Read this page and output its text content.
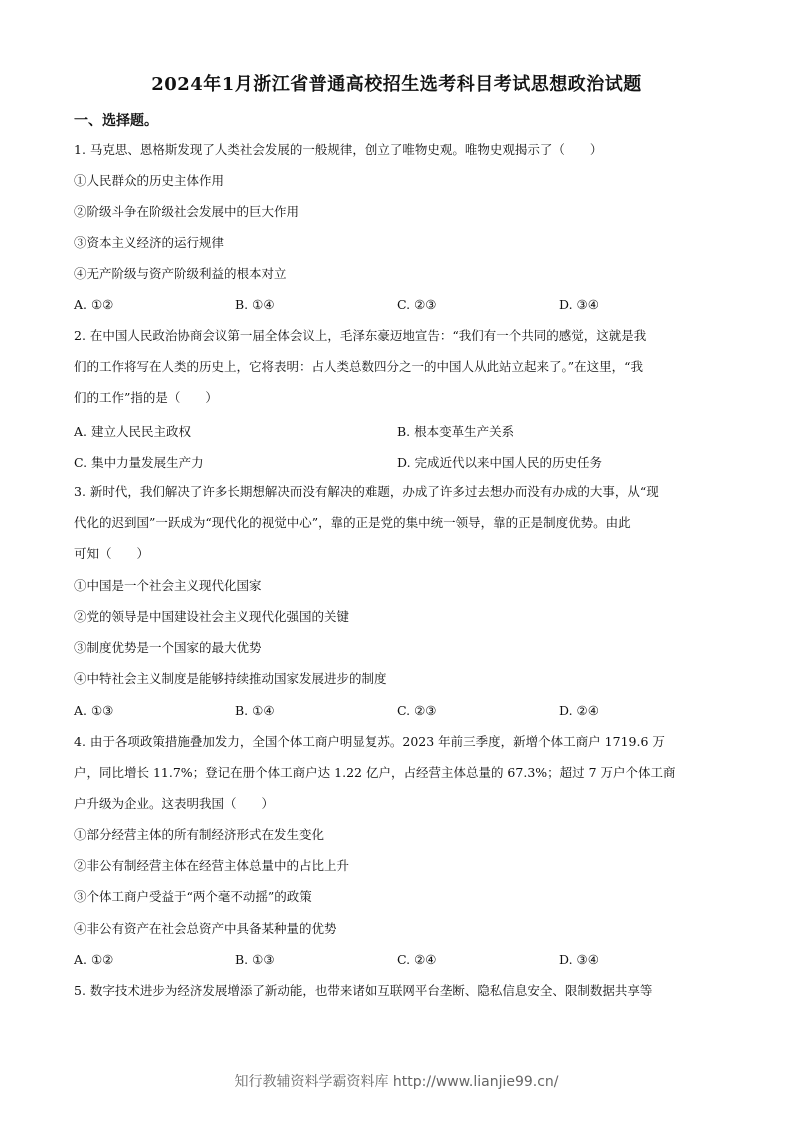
2024年1月浙江省普通高校招生选考科目考试思想政治试题
一、选择题。
1. 马克思、恩格斯发现了人类社会发展的一般规律，创立了唯物史观。唯物史观揭示了（　　）
①人民群众的历史主体作用
②阶级斗争在阶级社会发展中的巨大作用
③资本主义经济的运行规律
④无产阶级与资产阶级利益的根本对立
A. ①②	B. ①④	C. ②③	D. ③④
2. 在中国人民政治协商会议第一届全体会议上，毛泽东豪迈地宣告：“我们有一个共同的感觉，这就是我
们的工作将写在人类的历史上，它将表明：占人类总数四分之一的中国人从此站立起来了。”在这里，“我
们的工作”指的是（　　）
A. 建立人民民主政权	B. 根本变革生产关系
C. 集中力量发展生产力	D. 完成近代以来中国人民的历史任务
3. 新时代，我们解决了许多长期想解决而没有解决的难题，办成了许多过去想办而没有办成的大事，从“现
代化的迟到国”一跃成为“现代化的视觉中心”，靠的正是党的集中统一领导，靠的正是制度优势。由此
可知（　　）
①中国是一个社会主义现代化国家
②党的领导是中国建设社会主义现代化强国的关键
③制度优势是一个国家的最大优势
④中特社会主义制度是能够持续推动国家发展进步的制度
A. ①③	B. ①④	C. ②③	D. ②④
4. 由于各项政策措施叠加发力，全国个体工商户明显复苏。2023 年前三季度，新增个体工商户 1719.6 万
户，同比增长 11.7%；登记在册个体工商户达 1.22 亿户，占经营主体总量的 67.3%；超过 7 万户个体工商
户升级为企业。这表明我国（　　）
①部分经营主体的所有制经济形式在发生变化
②非公有制经营主体在经营主体总量中的占比上升
③个体工商户受益于“两个毫不动摇”的政策
④非公有资产在社会总资产中具备某种量的优势
A. ①②	B. ①③	C. ②④	D. ③④
5. 数字技术进步为经济发展增添了新动能，也带来诸如互联网平台垄断、隐私信息安全、限制数据共享等
知行教辅资料学霸资料库 http://www.lianjie99.cn/
